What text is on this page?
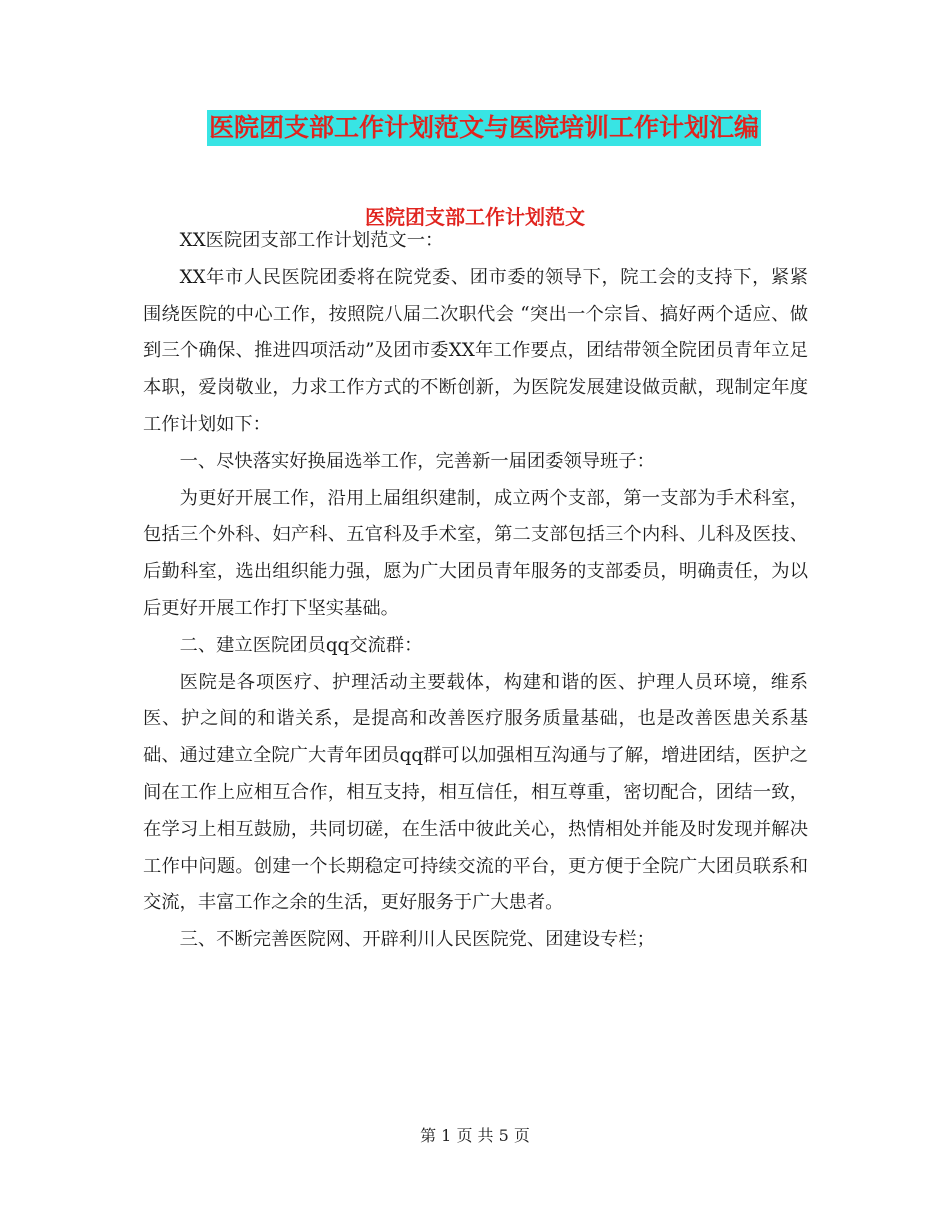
医院团支部工作计划范文与医院培训工作计划汇编
医院团支部工作计划范文

XX医院团支部工作计划范文一：

XX年市人民医院团委将在院党委、团市委的领导下，院工会的支持下，紧紧围绕医院的中心工作，按照院八届二次职代会 “突出一个宗旨、搞好两个适应、做到三个确保、推进四项活动”及团市委XX年工作要点，团结带领全院团员青年立足本职，爱岗敬业，力求工作方式的不断创新，为医院发展建设做贡献，现制定年度工作计划如下：

一、尽快落实好换届选举工作，完善新一届团委领导班子：

为更好开展工作，沿用上届组织建制，成立两个支部，第一支部为手术科室，包括三个外科、妇产科、五官科及手术室，第二支部包括三个内科、儿科及医技、后勤科室，选出组织能力强，愿为广大团员青年服务的支部委员，明确责任，为以后更好开展工作打下坚实基础。

二、建立医院团员qq交流群：

医院是各项医疗、护理活动主要载体，构建和谐的医、护理人员环境，维系医、护之间的和谐关系，是提高和改善医疗服务质量基础，也是改善医患关系基础、通过建立全院广大青年团员qq群可以加强相互沟通与了解，增进团结，医护之间在工作上应相互合作，相互支持，相互信任，相互尊重，密切配合，团结一致，在学习上相互鼓励，共同切磋，在生活中彼此关心，热情相处并能及时发现并解决工作中问题。创建一个长期稳定可持续交流的平台，更方便于全院广大团员联系和交流，丰富工作之余的生活，更好服务于广大患者。

三、不断完善医院网、开辟利川人民医院党、团建设专栏；

第 1 页 共 5 页
